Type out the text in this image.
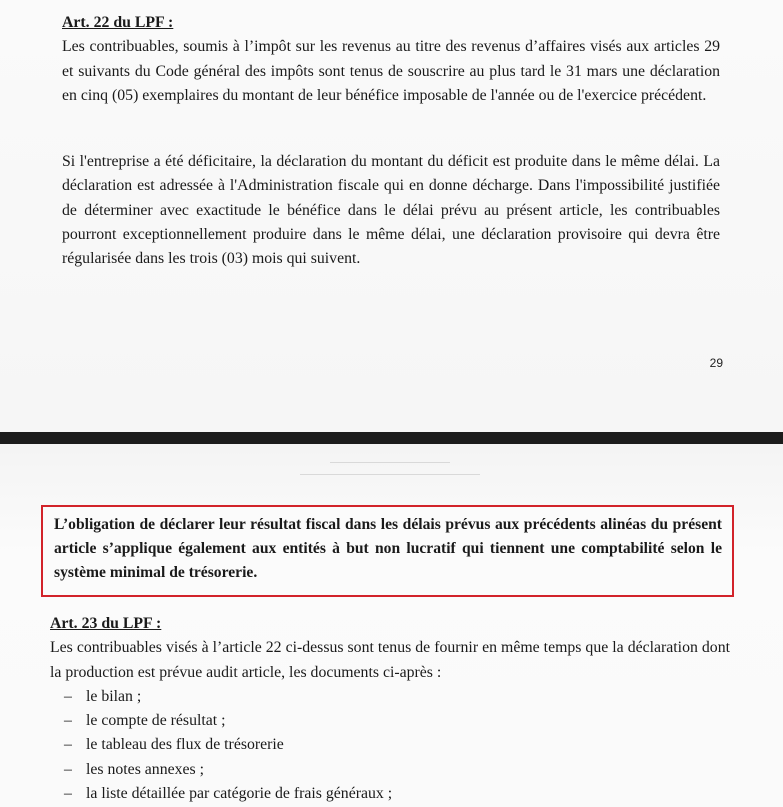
Art. 22 du LPF :
Les contribuables, soumis à l’impôt sur les revenus au titre des revenus d’affaires visés aux articles 29 et suivants du Code général des impôts sont tenus de souscrire au plus tard le 31 mars une déclaration en cinq (05) exemplaires du montant de leur bénéfice imposable de l'année ou de l'exercice précédent.
Si l'entreprise a été déficitaire, la déclaration du montant du déficit est produite dans le même délai. La déclaration est adressée à l'Administration fiscale qui en donne décharge. Dans l'impossibilité justifiée de déterminer avec exactitude le bénéfice dans le délai prévu au présent article, les contribuables pourront exceptionnellement produire dans le même délai, une déclaration provisoire qui devra être régularisée dans les trois (03) mois qui suivent.
29
L’obligation de déclarer leur résultat fiscal dans les délais prévus aux précédents alinéas du présent article s’applique également aux entités à but non lucratif qui tiennent une comptabilité selon le système minimal de trésorerie.
Art. 23 du LPF :
Les contribuables visés à l’article 22 ci-dessus sont tenus de fournir en même temps que la déclaration dont la production est prévue audit article, les documents ci-après :
– le bilan ;
– le compte de résultat ;
– le tableau des flux de trésorerie
– les notes annexes ;
– la liste détaillée par catégorie de frais généraux ;
